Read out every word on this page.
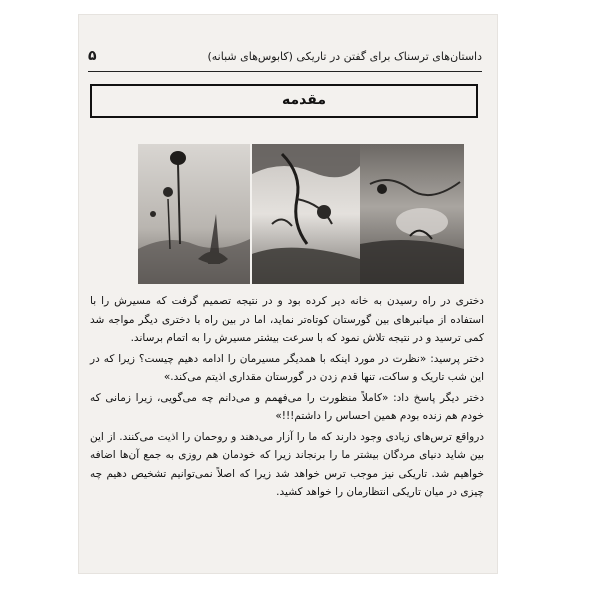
داستان‌های ترسناک برای گفتن در تاریکی (کابوس‌های شبانه)
۵
مقدمه

دختری در راه رسیدن به خانه دیر کرده بود و در نتیجه تصمیم گرفت که مسیرش را با استفاده از میانبرهای بین گورستان کوتاه‌تر نماید، اما در بین راه با دختری دیگر مواجه شد کمی ترسید و در نتیجه تلاش نمود که با سرعت بیشتر مسیرش را به اتمام برساند.

دختر پرسید: «نظرت در مورد اینکه با همدیگر مسیرمان را ادامه دهیم چیست؟ زیرا که در این شب تاریک و ساکت، تنها قدم زدن در گورستان مقداری اذیتم می‌کند.»

دختر دیگر پاسخ داد: «کاملاً منظورت را می‌فهمم و می‌دانم چه می‌گویی، زیرا زمانی که خودم هم زنده بودم همین احساس را داشتم!!!»

درواقع ترس‌های زیادی وجود دارند که ما را آزار می‌دهند و روحمان را اذیت می‌کنند. از این بین شاید دنیای مردگان بیشتر ما را برنجاند زیرا که خودمان هم روزی به جمع آن‌ها اضافه خواهیم شد. تاریکی نیز موجب ترس خواهد شد زیرا که اصلاً نمی‌توانیم تشخیص دهیم چه چیزی در میان تاریکی انتظارمان را خواهد کشید.
